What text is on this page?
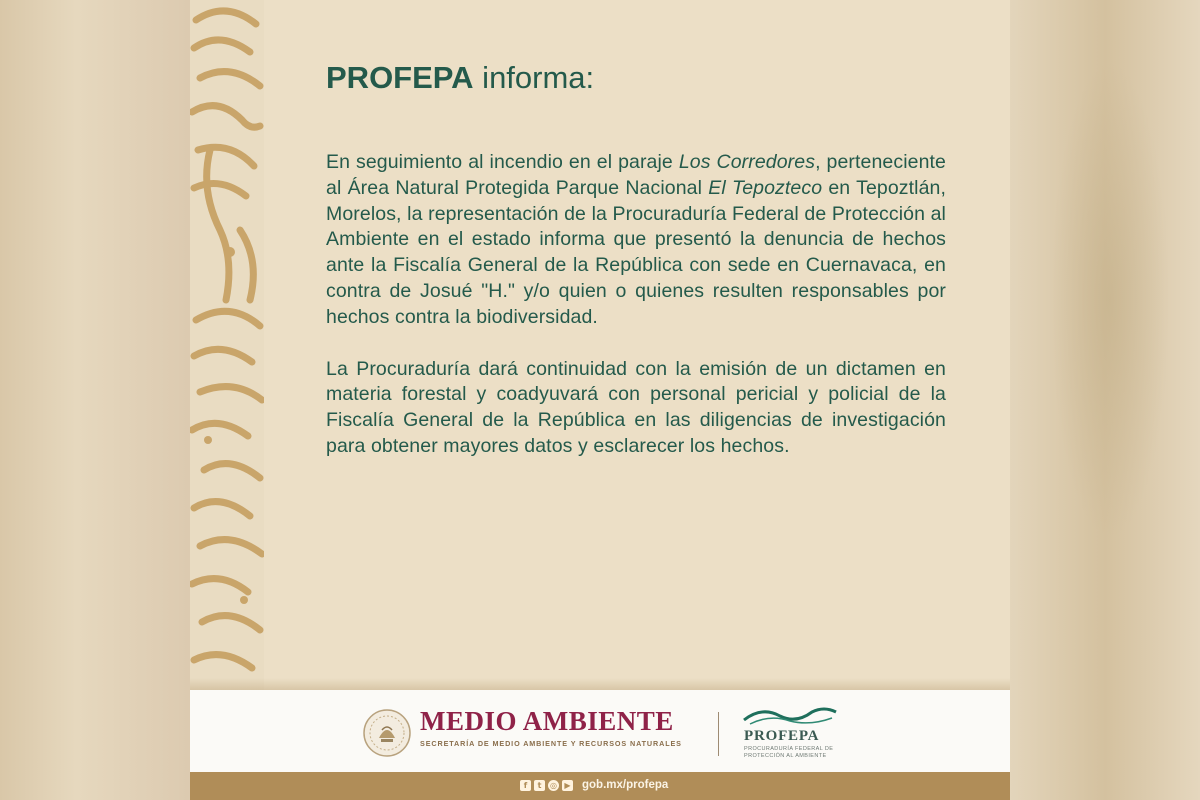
PROFEPA informa:

En seguimiento al incendio en el paraje Los Corredores, perteneciente al Área Natural Protegida Parque Nacional El Tepozteco en Tepoztlán, Morelos, la representación de la Procuraduría Federal de Protección al Ambiente en el estado informa que presentó la denuncia de hechos ante la Fiscalía General de la República con sede en Cuernavaca, en contra de Josué "H." y/o quien o quienes resulten responsables por hechos contra la biodiversidad.

La Procuraduría dará continuidad con la emisión de un dictamen en materia forestal y coadyuvará con personal pericial y policial de la Fiscalía General de la República en las diligencias de investigación para obtener mayores datos y esclarecer los hechos.

MEDIO AMBIENTE
SECRETARÍA DE MEDIO AMBIENTE Y RECURSOS NATURALES	PROFEPA
PROCURADURÍA FEDERAL DE PROTECCIÓN AL AMBIENTE
f	t	◎ ▶ gob.mx/profepa
